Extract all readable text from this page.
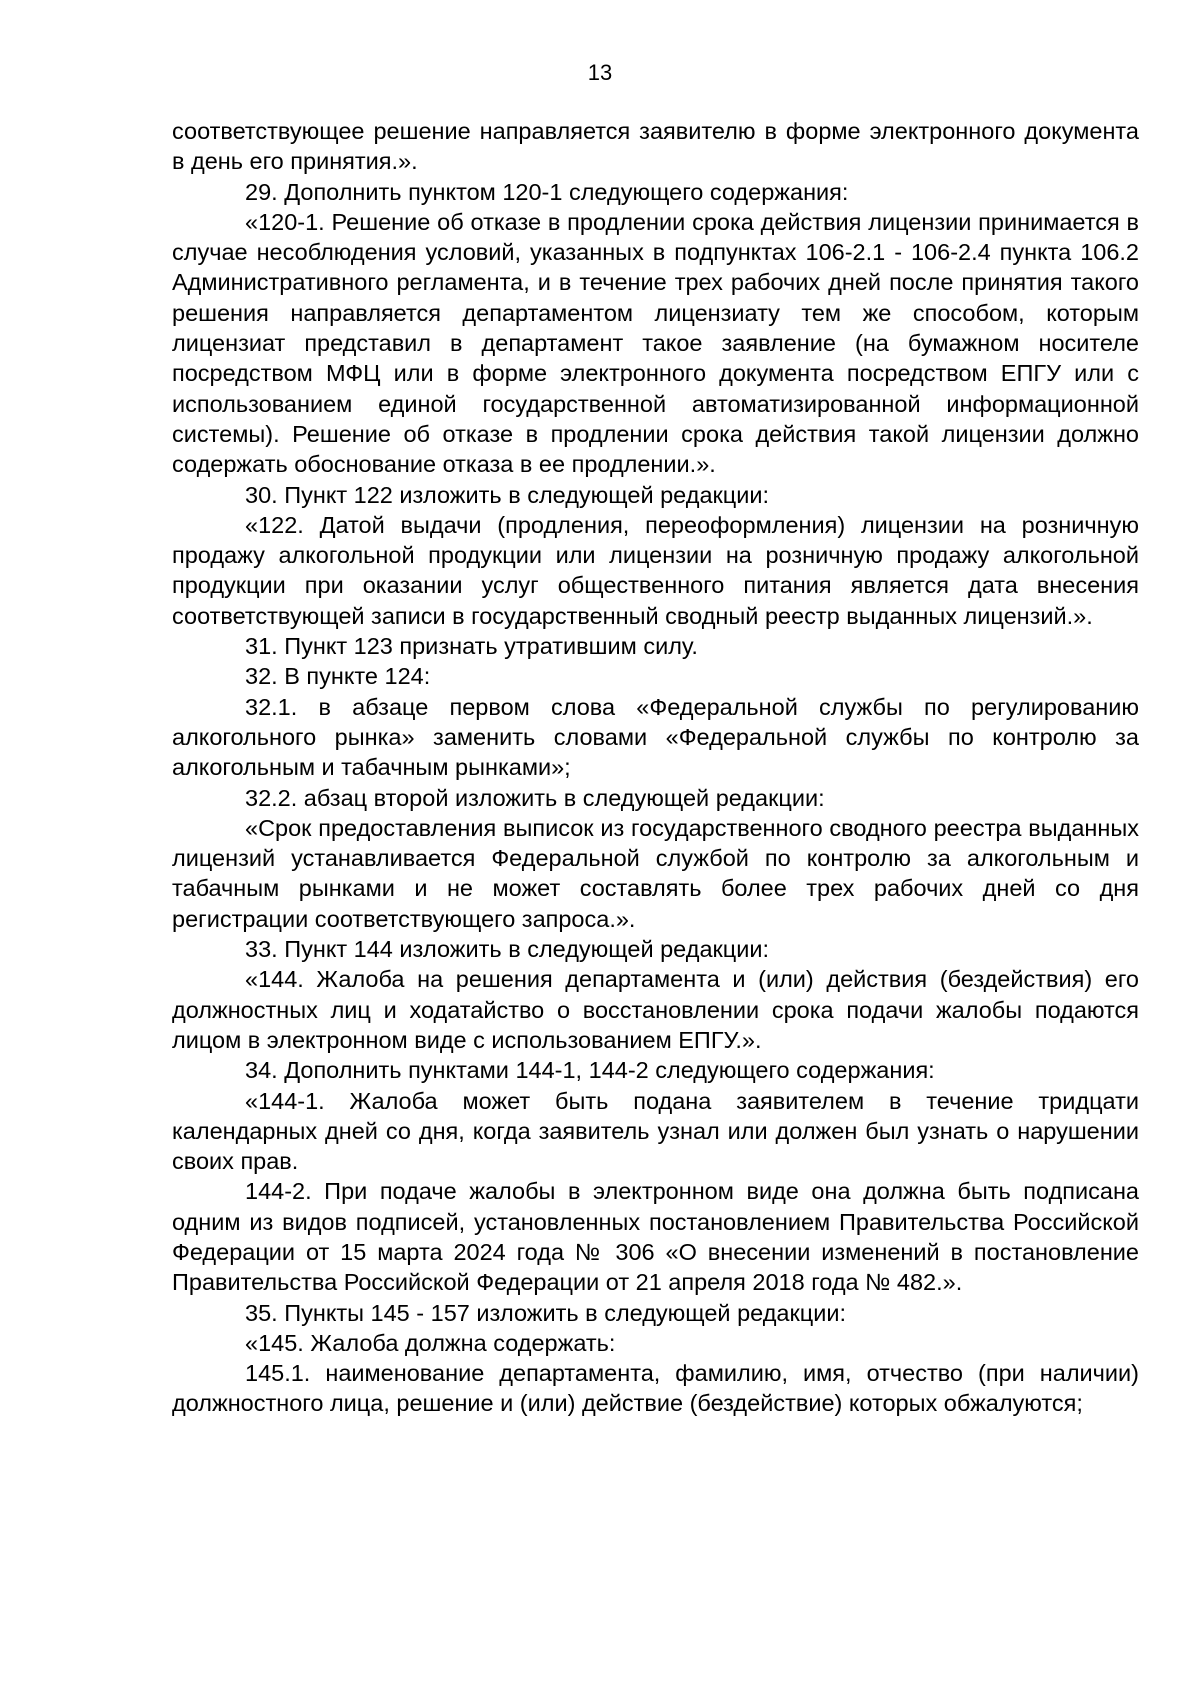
13

соответствующее решение направляется заявителю в форме электронного документа в день его принятия.».

29. Дополнить пунктом 120-1 следующего содержания:

«120-1. Решение об отказе в продлении срока действия лицензии принимается в случае несоблюдения условий, указанных в подпунктах 106-2.1 - 106-2.4 пункта 106.2 Административного регламента, и в течение трех рабочих дней после принятия такого решения направляется департаментом лицензиату тем же способом, которым лицензиат представил в департамент такое заявление (на бумажном носителе посредством МФЦ или в форме электронного документа посредством ЕПГУ или с использованием единой государственной автоматизированной информационной системы). Решение об отказе в продлении срока действия такой лицензии должно содержать обоснование отказа в ее продлении.».

30. Пункт 122 изложить в следующей редакции:

«122. Датой выдачи (продления, переоформления) лицензии на розничную продажу алкогольной продукции или лицензии на розничную продажу алкогольной продукции при оказании услуг общественного питания является дата внесения соответствующей записи в государственный сводный реестр выданных лицензий.».

31. Пункт 123 признать утратившим силу.

32. В пункте 124:

32.1. в абзаце первом слова «Федеральной службы по регулированию алкогольного рынка» заменить словами «Федеральной службы по контролю за алкогольным и табачным рынками»;

32.2. абзац второй изложить в следующей редакции:

«Срок предоставления выписок из государственного сводного реестра выданных лицензий устанавливается Федеральной службой по контролю за алкогольным и табачным рынками и не может составлять более трех рабочих дней со дня регистрации соответствующего запроса.».

33. Пункт 144 изложить в следующей редакции:

«144. Жалоба на решения департамента и (или) действия (бездействия) его должностных лиц и ходатайство о восстановлении срока подачи жалобы подаются лицом в электронном виде с использованием ЕПГУ.».

34. Дополнить пунктами 144-1, 144-2 следующего содержания:

«144-1. Жалоба может быть подана заявителем в течение тридцати календарных дней со дня, когда заявитель узнал или должен был узнать о нарушении своих прав.

144-2. При подаче жалобы в электронном виде она должна быть подписана одним из видов подписей, установленных постановлением Правительства Российской Федерации от 15 марта 2024 года № 306 «О внесении изменений в постановление Правительства Российской Федерации от 21 апреля 2018 года № 482.».

35. Пункты 145 - 157 изложить в следующей редакции:

«145. Жалоба должна содержать:

145.1. наименование департамента, фамилию, имя, отчество (при наличии) должностного лица, решение и (или) действие (бездействие) которых обжалуются;
